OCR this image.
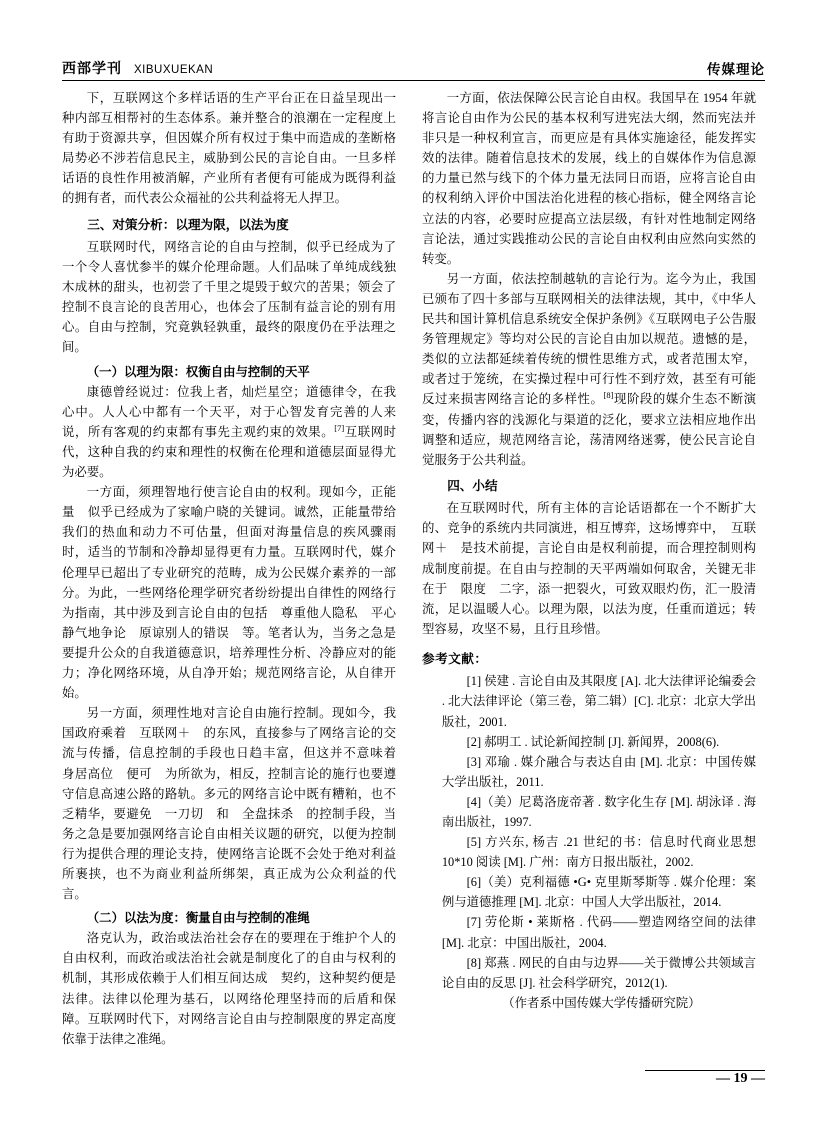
西部学刊 XIBUXUEKAN	传媒理论

下，互联网这个多样话语的生产平台正在日益呈现出一种内部互相帮衬的生态体系。兼并整合的浪潮在一定程度上有助于资源共享，但因媒介所有权过于集中而造成的垄断格局势必不涉若信息民主，威胁到公民的言论自由。一旦多样话语的良性作用被消解，产业所有者便有可能成为既得利益的拥有者，而代表公众福祉的公共利益将无人捍卫。

三、对策分析：以理为限，以法为度

互联网时代，网络言论的自由与控制，似乎已经成为了一个令人喜忧参半的媒介伦理命题。人们品味了单纯成线独木成林的甜头，也初尝了千里之堤毁于蚁穴的苦果；领会了控制不良言论的良苦用心，也体会了压制有益言论的别有用心。自由与控制，究竟孰轻孰重，最终的限度仍在乎法理之间。

（一）以理为限：权衡自由与控制的天平

康德曾经说过：位我上者，灿烂星空；道德律令，在我心中。人人心中都有一个天平，对于心智发育完善的人来说，所有客观的约束都有事先主观约束的效果。[7]互联网时代，这种自我的约束和理性的权衡在伦理和道德层面显得尤为必要。

一方面，须理智地行使言论自由的权利。现如今，正能量　似乎已经成为了家喻户晓的关键词。诚然，正能量带给我们的热血和动力不可估量，但面对海量信息的疾风骤雨时，适当的节制和冷静却显得更有力量。互联网时代，媒介伦理早已超出了专业研究的范畴，成为公民媒介素养的一部分。为此，一些网络伦理学研究者纷纷提出自律性的网络行为指南，其中涉及到言论自由的包括　尊重他人隐私　平心静气地争论　原谅别人的错误　等。笔者认为，当务之急是要提升公众的自我道德意识，培养理性分析、冷静应对的能力；净化网络环境，从自净开始；规范网络言论，从自律开始。

另一方面，须理性地对言论自由施行控制。现如今，我国政府乘着　互联网＋　的东风，直接参与了网络言论的交流与传播，信息控制的手段也日趋丰富，但这并不意味着　身居高位　便可　为所欲为，相反，控制言论的施行也要遵守信息高速公路的路轨。多元的网络言论中既有糟粕，也不乏精华，要避免　一刀切　和　全盘抹杀　的控制手段，当务之急是要加强网络言论自由相关议题的研究，以便为控制行为提供合理的理论支持，使网络言论既不会处于绝对利益所裹挟，也不为商业利益所绑架，真正成为公众利益的代言。

（二）以法为度：衡量自由与控制的准绳

洛克认为，政治或法治社会存在的要理在于维护个人的自由权利，而政治或法治社会就是制度化了的自由与权利的机制，其形成依赖于人们相互间达成　契约，这种契约便是法律。法律以伦理为基石，以网络伦理坚持而的后盾和保障。互联网时代下，对网络言论自由与控制限度的界定高度依靠于法律之准绳。

一方面，依法保障公民言论自由权。我国早在 1954 年就将言论自由作为公民的基本权利写进宪法大纲，然而宪法并非只是一种权利宣言，而更应是有具体实施途径，能发挥实效的法律。随着信息技术的发展，线上的自媒体作为信息源的力量已然与线下的个体力量无法同日而语，应将言论自由的权利纳入评价中国法治化进程的核心指标，健全网络言论立法的内容，必要时应提高立法层级，有针对性地制定网络言论法，通过实践推动公民的言论自由权利由应然向实然的转变。

另一方面，依法控制越轨的言论行为。迄今为止，我国已颁布了四十多部与互联网相关的法律法规，其中，《中华人民共和国计算机信息系统安全保护条例》《互联网电子公告服务管理规定》等均对公民的言论自由加以规范。遗憾的是，类似的立法都延续着传统的惯性思维方式，或者范围太窄，或者过于笼统，在实操过程中可行性不到疗效，甚至有可能反过来损害网络言论的多样性。[8]现阶段的媒介生态不断演变，传播内容的浅源化与渠道的泛化，要求立法相应地作出调整和适应，规范网络言论，荡清网络迷雾，使公民言论自觉服务于公共利益。

四、小结

在互联网时代，所有主体的言论话语都在一个不断扩大的、竞争的系统内共同演进，相互博弈，这场博弈中，　互联网＋　是技术前提，言论自由是权利前提，而合理控制则构成制度前提。在自由与控制的天平两端如何取舍，关键无非在于　限度　二字，添一把裂火，可致双眼灼伤，汇一股清流，足以温暖人心。以理为限，以法为度，任重而道远；转型容易，攻坚不易，且行且珍惜。

参考文献：

[1] 侯建 . 言论自由及其限度 [A]. 北大法律评论编委会 . 北大法律评论（第三卷，第二辑）[C]. 北京：北京大学出版社，2001.

[2] 郝明工 . 试论新闻控制 [J]. 新闻界，2008(6).

[3] 邓瑜 . 媒介融合与表达自由 [M]. 北京：中国传媒大学出版社，2011.

[4]（美）尼葛洛庞帝著 . 数字化生存 [M]. 胡泳译 . 海南出版社，1997.

[5] 方兴东, 杨吉 .21 世纪的书：信息时代商业思想 10*10 阅读 [M]. 广州：南方日报出版社，2002.

[6]（美）克利福德 •G• 克里斯琴斯等 . 媒介伦理：案例与道德推理 [M]. 北京：中国人大学出版社，2014.

[7] 劳伦斯 • 莱斯格 . 代码——塑造网络空间的法律 [M]. 北京：中国出版社，2004.

[8] 郑燕 . 网民的自由与边界——关于微博公共领域言论自由的反思 [J]. 社会科学研究，2012(1).

（作者系中国传媒大学传播研究院）

— 19 —
